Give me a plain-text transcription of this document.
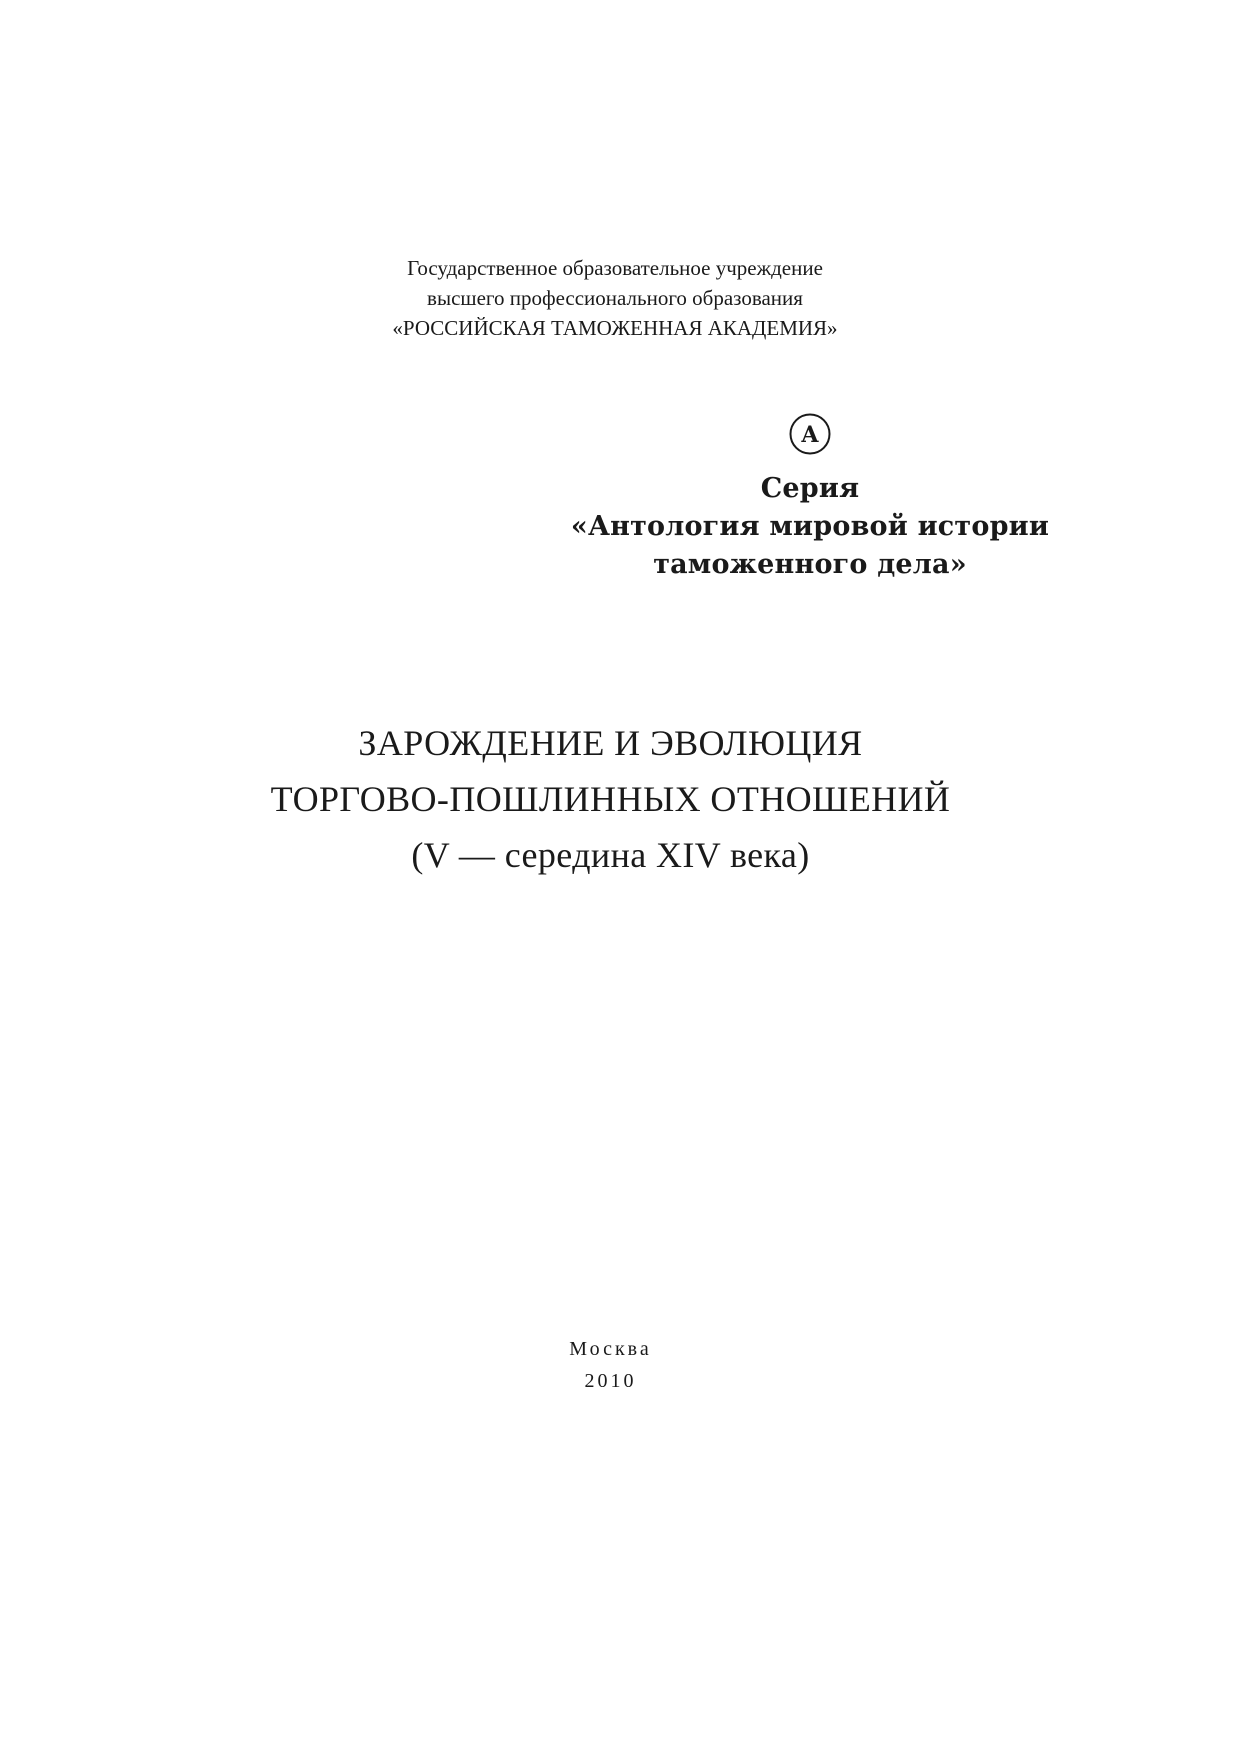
Государственное образовательное учреждение
высшего профессионального образования
«РОССИЙСКАЯ ТАМОЖЕННАЯ АКАДЕМИЯ»
А
Серия
«Антология мировой истории
таможенного дела»
ЗАРОЖДЕНИЕ И ЭВОЛЮЦИЯ
ТОРГОВО-ПОШЛИННЫХ ОТНОШЕНИЙ
(V — середина XIV века)
Москва
2010
